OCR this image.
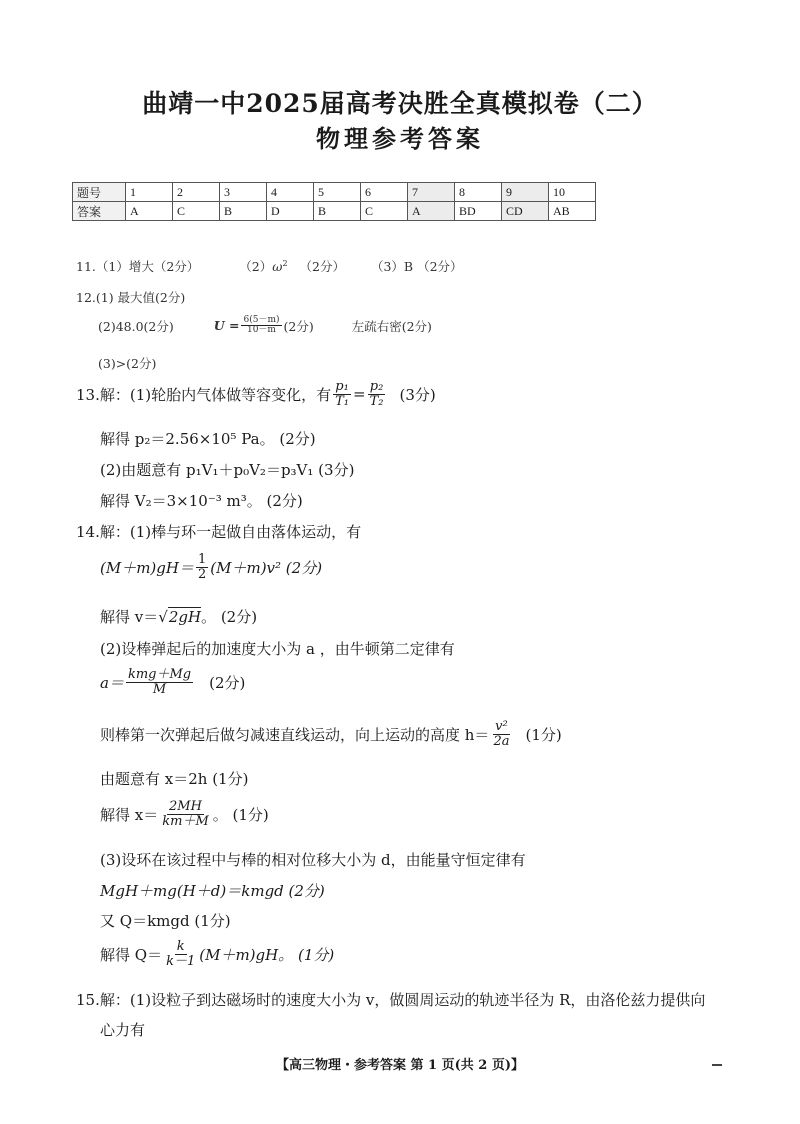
曲靖一中2025届高考决胜全真模拟卷（二）
物理参考答案
题号	1	2	3	4	5	6	7	8	9	10
答案	A	C	B	D	B	C	A	BD	CD	AB
11.（1）增大（2分）	$(2)\omega^2$ （2分） （3）B （2分）
12.(1) 最大值(2分)
(2)48.0(2分)	$U = \frac{6(5-m)}{10-m} (2$分)	左疏右密(2分)
(3)>(2分)
13.解：(1)轮胎内气体做等容变化，有 $\frac{\text{p₁}}{\text{T₁}} = \frac{\text{p₂}}{\text{T₂}} (3$分)
解得 p₂＝2.56×10⁵ Pa。 (2分)
(2)由题意有 p₁V₁＋p₀V₂＝p₃V₁ (3分)
解得 V₂＝3×10⁻³ m³。 (2分)
14.解：(1)棒与环一起做自由落体运动，有
$(M+m)gH= \frac{1}{2} (M+m)v^2$ (2分)
解得 v＝√2gH。 (2分)
(2)设棒弹起后的加速度大小为 a ，由牛顿第二定律有
$a= \frac{\text{kmg＋Mg}}{M} (2$分)
则棒第一次弹起后做匀减速直线运动，向上运动的高度 $h= \frac{\text{v²}}{2a} (1$分)
由题意有 x＝2h (1分)
解得 $x= \frac{2MH}{km+M}$ 。 (1分)
(3)设环在该过程中与棒的相对位移大小为 d，由能量守恒定律有
MgH＋mg(H＋d)＝kmgd (2分)
又 Q＝kmgd (1分)
解得 $Q= \frac{k}{k-1} (M+m)gH$。 (1分)
15.解：(1)设粒子到达磁场时的速度大小为 v，做圆周运动的轨迹半径为 R，由洛伦兹力提供向
心力有
【高三物理・参考答案 第 1 页(共 2 页)】
